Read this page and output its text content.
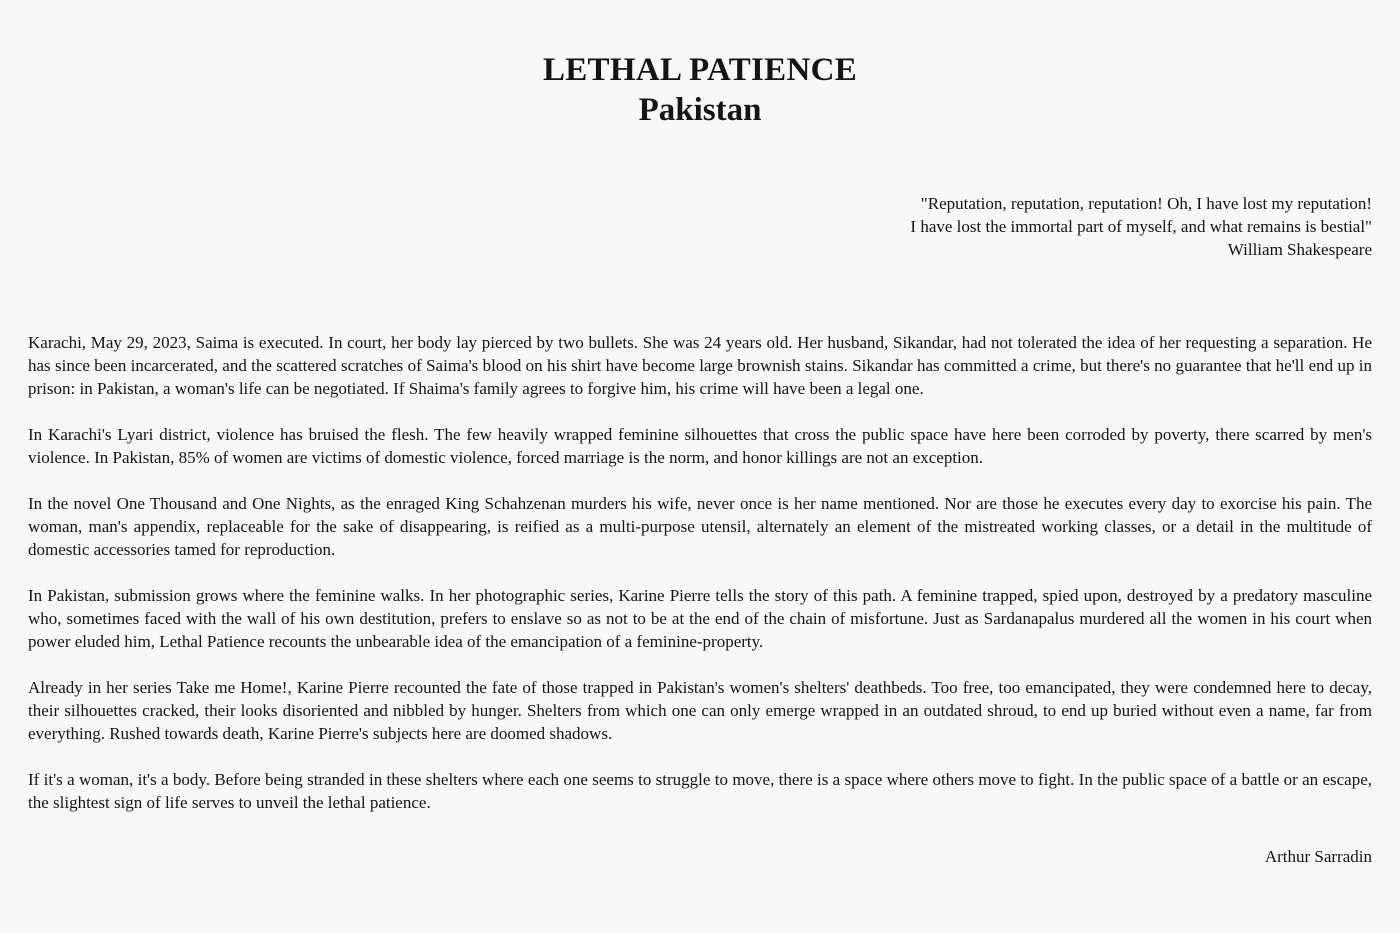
LETHAL PATIENCE
Pakistan
"Reputation, reputation, reputation! Oh, I have lost my reputation!
I have lost the immortal part of myself, and what remains is bestial"
William Shakespeare

Karachi, May 29, 2023, Saima is executed. In court, her body lay pierced by two bullets. She was 24 years old. Her husband, Sikandar, had not tolerated the idea of her requesting a separation. He has since been incarcerated, and the scattered scratches of Saima's blood on his shirt have become large brownish stains. Sikandar has committed a crime, but there's no guarantee that he'll end up in prison: in Pakistan, a woman's life can be negotiated. If Shaima's family agrees to forgive him, his crime will have been a legal one.

In Karachi's Lyari district, violence has bruised the flesh. The few heavily wrapped feminine silhouettes that cross the public space have here been corroded by poverty, there scarred by men's violence. In Pakistan, 85% of women are victims of domestic violence, forced marriage is the norm, and honor killings are not an exception.

In the novel One Thousand and One Nights, as the enraged King Schahzenan murders his wife, never once is her name mentioned. Nor are those he executes every day to exorcise his pain. The woman, man's appendix, replaceable for the sake of disappearing, is reified as a multi-purpose utensil, alternately an element of the mistreated working classes, or a detail in the multitude of domestic accessories tamed for reproduction.

In Pakistan, submission grows where the feminine walks. In her photographic series, Karine Pierre tells the story of this path. A feminine trapped, spied upon, destroyed by a predatory masculine who, sometimes faced with the wall of his own destitution, prefers to enslave so as not to be at the end of the chain of misfortune. Just as Sardanapalus murdered all the women in his court when power eluded him, Lethal Patience recounts the unbearable idea of the emancipation of a feminine-property.

Already in her series Take me Home!, Karine Pierre recounted the fate of those trapped in Pakistan's women's shelters' deathbeds. Too free, too emancipated, they were condemned here to decay, their silhouettes cracked, their looks disoriented and nibbled by hunger. Shelters from which one can only emerge wrapped in an outdated shroud, to end up buried without even a name, far from everything. Rushed towards death, Karine Pierre's subjects here are doomed shadows.

If it's a woman, it's a body. Before being stranded in these shelters where each one seems to struggle to move, there is a space where others move to fight. In the public space of a battle or an escape, the slightest sign of life serves to unveil the lethal patience.

Arthur Sarradin
